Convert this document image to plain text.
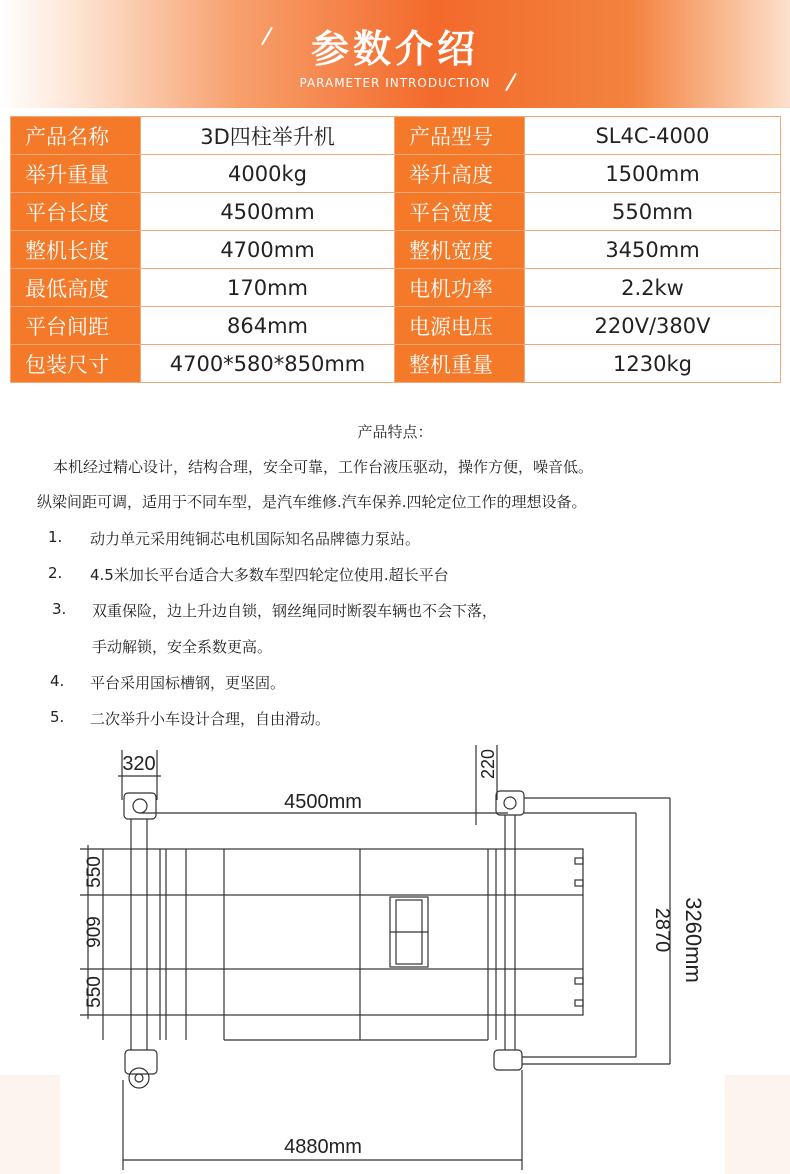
参数介绍
PARAMETER INTRODUCTION
产品名称	3D四柱举升机	产品型号	SL4C-4000
举升重量	4000kg	举升高度	1500mm
平台长度	4500mm	平台宽度	550mm
整机长度	4700mm	整机宽度	3450mm
最低高度	170mm	电机功率	2.2kw
平台间距	864mm	电源电压	220V/380V
包装尺寸	4700*580*850mm	整机重量	1230kg
产品特点：
本机经过精心设计，结构合理，安全可靠，工作台液压驱动，操作方便，噪音低。
纵梁间距可调，适用于不同车型，是汽车维修.汽车保养.四轮定位工作的理想设备。
1. 动力单元采用纯铜芯电机国际知名品牌德力泵站。
2. 4.5米加长平台适合大多数车型四轮定位使用.超长平台
3. 双重保险，边上升边自锁，钢丝绳同时断裂车辆也不会下落，
手动解锁，安全系数更高。
4. 平台采用国标槽钢，更坚固。
5. 二次举升小车设计合理，自由滑动。
320	220
4500mm
550
909
550
2870 3260mm
4880mm
